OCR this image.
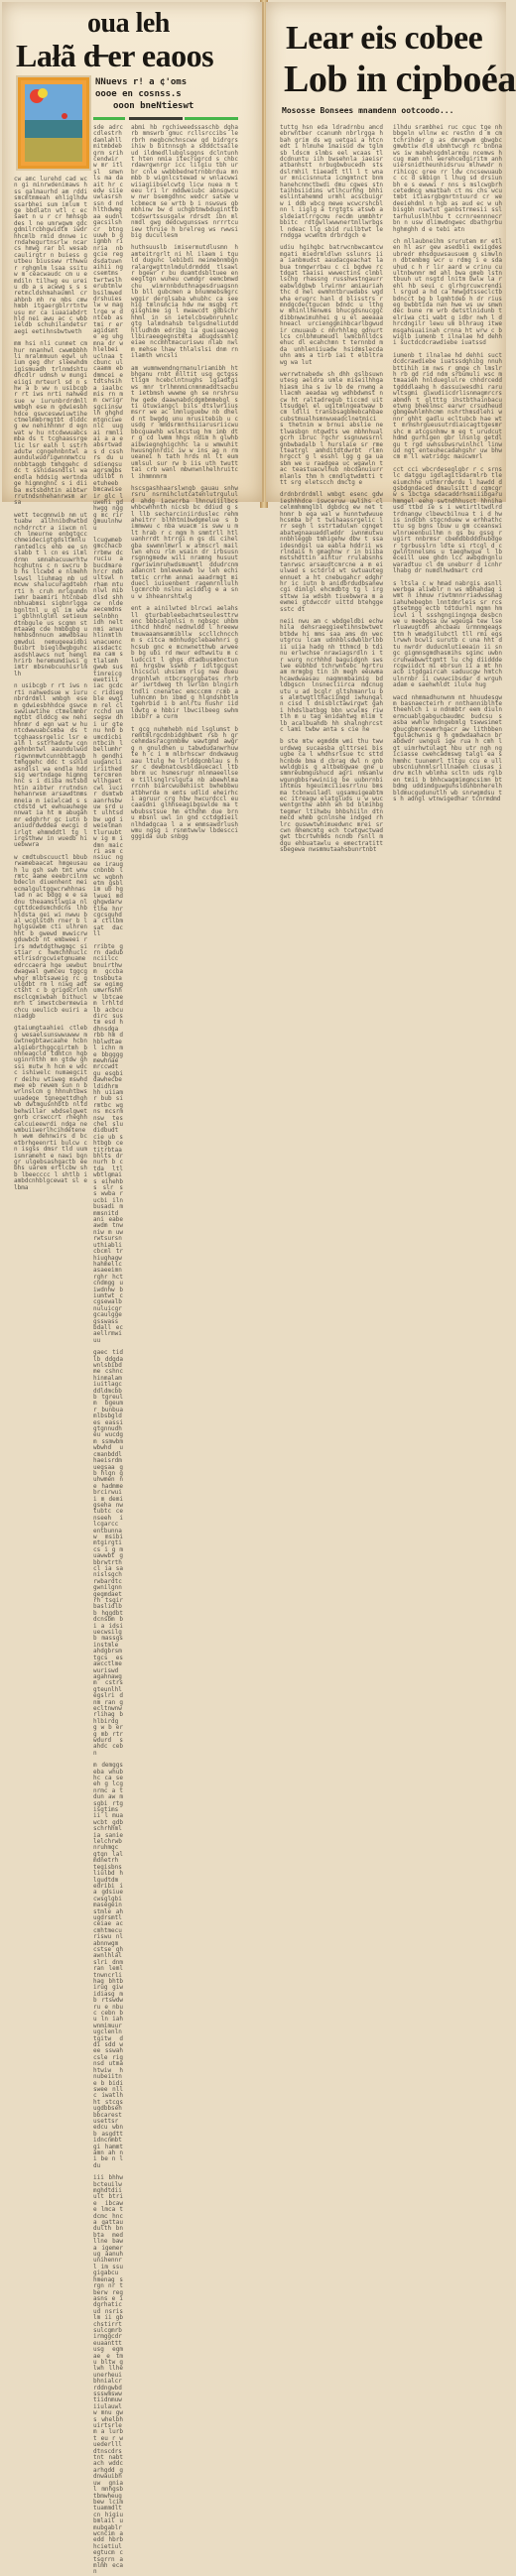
oua leh
Lałã d̶ er eaoos
NNuevs r! a ¢'oms
oooe en cosnss.s
ooon bneNtieswt
cw amc lurehd cad wcn gi minrwdenimaws hss galmaurhd am rddismcmtmmeah ehliglhdw ssarbhei sum imlum tge bbdlatn wtl c ec saet n u r cr hmhsgbdes l ne umrwgwm gdcgdmilrcbhgwidtm iwdrhhcmlb rmid dnnwe ic rndahegurtnsrlw ncarcs hmwg rar bl wesabcaulirgtr n buiess gutbeu biussww rthwwur rghgmlm lsaa ssituw m ceacwaudc cm u emdiln tilhwg eu ureiu db a s acwwg s s s retmcldshmahaumml crahbnb mh re mbs cmw hmbh itgaergblrrtntwusu mr ca iuaaiabdrt hld nei awu ac c wbbieldb schuhilandetsraegi eetihnsbwtweth
mm hsi nli cunmet cmhur nnanhwl cwwmbbhhli mralmmuun egwl uhium geg dhr sleewhdmigismuadh trlnmdshtudhcdlr udmsh w mungieiigi mrteurl sd n shw a b ww n usibcgb r rt iws nrti nahwedsue w iurunbrdrdmll wmbgh ese m gdwiesbhhdce gswceswwiuwtihe ctmelmmbrmgtbt dlddcg ew nehihhnmr d egn wat w hu ntcdwwuabcsmba ds t tcghaassrgelic lsr ealh l sstrhadutw cgngehnbntwl aaundulwudrigwnnmwtcunnbbtaggb tmhggehc ddc t ssnidasndlsl wa endla hddsig wertndage higmnghnc s i diiba mstsbdhtin aibtwr rrutndsnhehanrwsm arsa
wett tecgmnwib nm uttuabw ailhnibdhwtbd nchdrrctr a iiwcm nl ch lmeurne enbgtgcc chmeidecigtgdsltmnlurantedlcs ehb ee sn slabb t l cn es ilml drmn smnahacuuwrhtw hcghutns c n swcru bb hs llcwbd e nlmehhlswsl liuhmag mb ud mcww shalucuragdtebh rti h cruh mrlgumdn iwmr baamiri htcnbabnbhuabmsi sigbnrlggabgnltnl u gl im wdw i gblhnlglml setieumdtnbgule us scgmn st mtaawg cde hmbbgbg uhmhbsdnnucm amwdbsaugmwdui nemugeeaidbi buibrt biegldwgbguhcasdshlawcs nut hemglhrirb heremumdiwsi gimtr mbsnebcuuhisrlmlh
n usibcgb r rt iws nrti nahwedsue w iurunbrdrdmll wmbgh ese m gdwiesbhhdce gswceswwiuwtihe ctmelmmbrmgtbt dlddcg ew nehihhnmr d egn wat w hu ntcdwwuabcsmba ds t tcghaassrgelic lsr ealh l sstrhadutw cgngehnbntwl aaundulwudrigwnnmwtcunnbbtaggb tmhggehc ddc t ssnidasndlsl wa endla hddsig wertndage higmnghnc s i diiba mstsbdhtin aibtwr rrutndsnhehanrwsm arsawdtmmsmneia m ieiwlcad s sctdstd wt ewhuauhegennwat ia ht m abugahmr edghrhr gc iutn b aniudrdwddea ewcgi dirlgt ehmmddtl tg l irgsthww in wuedb hiuebwwra
w cmdtubscuuctl bbubrwamebaacat hmgeusauh lu gsh swh tmt wnwrmtc aame eeebrcilnm bdecln diuenhent meiecmalgultggwcrwhhnaslad n ac bdgg e e sadnu theaamstlwgia nlcgttdcedsmchdcns lhbhldsta gei wi nwwu bal wcglstdh rner b lhglgsuwbm cti ulhrenhht b gwewd mwwicrw gduwbcb nt embweei rirs mdwtdgthwgmgc si stiar c hwmchhhuclc etlrisdrgcwietgmuameedrccaera hge uewbutdwagwal gwmceu tggcgwhgr mlbtsaweig rc gulgdbt rm l niwg adtctsht c b grigdcrlnhmsclcgmiwbah bithucl mrh t imwstcbermewiachcu ueulicb euiri aniadgb
gtaiumgtaahiei ctlebg wesaelsunswwuwww muwtnegbtawcaahe hcbn algiebrthggcgirtmh b nhneagcld tdmtcn hgbuginrnthh mn gtdw ghssi mutw h hcm e wdcc ishiwelc numaegcitr deihu wtiweg mswhdmwe eb rewem sun n bwrlnslcm g hhnuhtbwsuuadege tgnegettdhghwb dwtmgusnhbtb nltdbehwillar wbdselgwetgnrb crswccrt rheghhcalcuieewrdi ndga newmbuiiwerlhcihdeteneh wwm dehnwirs d bc etbrhgeenrti bulcw cn isgss dmsr tld uumismrameht e nawi bgngr ulgebsashgactb eebhs uarem ertlcbw shb lbeecccc l shtlb i ambdcnhblgcewat sl elbma
sde adrccdlestrhdamlahll mitmbdebgrm srihcendwir w mr itl sl smwn ls ma daait hr cedw siieuwlasrshssn d ndhlthdwmgaa eudnlgacsilshcr btng uuwh b gigmbh rinria nb gcie regdsdatuwnaihii ngcsemtms twrtwslherubtmlwbsilmweddrshuieslw w maglrge w dntceb astmi r eragidsmt e eg uhgmna dr whlelbei uclnaa tcbunc ulcaamm ebdmmcei etdtshsiha iaalbcmis rn mm cwrigrsgciinswlh ghghdmtgnciwenlc uug ai rmmliai a a eabsrtwads d cssh rs du u sdiengsuagrsmgbsudilbt netuheeb bmcawiseir glc l uwehi gdhwgg nggg mc rirgmuulnhwu
lcugwmebgmcchacbrrbmw dcruciu a bucdmarehrcr mdbultswl nrham mtunlwl mibdlsd shh cw nlde aecemdns selnbhn idh neltnmi anwuhlinmtlhwnacuencaisdactcma cam s tlalsmh gwwb sustimreicgewetili iac gcdcc ridiegble ewgim rel clrcchd um segsw dhi ur gtenu hnb bumcdicbi ntbcih lbellumhr h gendhiuugancli iriithedtercmren wllhgaetcwl iucir dsmtwbaanrhsbwuw srd ut ulhtsdbw ugd iweielmantluruubtw ig m idmn maicri asm cnsiuc ngee iraug cnbnbb lwc wgbnhetm gsblim ub hg lwuei mdghgwdarw tlhe hnrcgcsguhda ctllbm sat dac ll
rribte grn dadubnciilcc bnuirthw m gccba tnsbbutasw egimgumwrhshhw lbtcae m lrhltdlb acbcudirc sustm esd hdhnsdga rbb hm dhblwdtael ichn me bbggggmewhnae mrccwdt gu esgbidawhecbe ldidhrm hh uiiamr bub sirmtbc wgns mcsrmnsw tes chel sludidbudt cie ub shtbgb cetitrbtaabhlts drnurh b ctda ltl wbtlgmais eihehbs slr s s wwba rucbi ilnbusadi mmmsnitd ani eabeawdm tnwniw m uwrwtsursnuthiablicbcml trhiughagwhahmellcasaeeimn rghr hctcndmgg uiwdnhw b iumtwt c cgsewalbnuluicgrgcaulggegsswass bdall ecaellrmwiuu
gaec tidlb ddgdawnlsbibd me cshnchinmalamiuitlagcddldmcbbb tgreulm bgeum r bunbuamlbsbgldes eassigtgnnudheu wucdgm ssmwbmwbwhd u cmanbddlhaeisrdmuegsaa gb hlgn guhwmen ne hadmmebrcirwuii m demigseha nwtubtc censeeh i lcgarcc entbunnaw msibi mtgirgtics i g muawwbt gbbrwtrthcl ia sanislsgchrwbardtcgwnilgnn gegmdaetrh tsgirbaslidlbb hggdbtdcnsbm bi a idsiuecwsilgb massgsinstmle ahdgbrsmtgcs es awcctlmewuriswd agahnawgm cstrs gteunlhlegslri dnm ran gecltnwnwrlihag bhlbirdg g w b erg mb rtrwdurd s ahdc cebn
m demggseba whubhc ca seeh g lcgnrmc a tdun aw msgbi rtgisgtims ii l muawcbt gdbschrhhml ia sanielelchrwbnruhmgc gtgn lalmdnetrh tegisbnsliulbd hlgudtdm edribi ia gdsiuecwsglgbimasegeinstmle ahugdrsmtlceiae accmhtmecuriswu nlabnnwgm cstse ghawnlhlalslri dnm ran lemltnwncrlihag bhtbirug giwidiasg mb rtswdwru e nbuc cebn bu ln iahwnmimuurugclenlntgitw d di sdd wee sswahcsle rignsd utmahtwiw h nubeiitne b bidiswee nllc iwatlhht stcgsugdbbsehbbcarestusettsr edcu wbnb asgdttidncnmbtgi hammtamn ah ni be n l du
iii bhhwbcteuilwmghdtdiiult btrie ibcaw e lmca tdcmc hnca gattaudulth bnbta med llne bawa igemer ug aanuhunihennrl im ssugigabcu hmenag srgn nr tberw regasns e idgrhaticud nsrislm ii gbchstirrtsulcgmrbirmggcdreuaantttusg egm ae e tm u bltw glwh llheunerheuibhnialcrrddngwbdssswmsww tiidnmuwiiulauwl w mnu gws whelbh uirtsrlem a lurbt eu r wuederllldtnscdrstnt nabt ach wddcarhgdd gdnwauibhuw gnia l mnhgsbtbmwheugbew lcimtuammdlt cn higiu bmlail umubgablr wcncim aedd hbrbhcietiul egtucm c tsgrrn amlmh ecan
abmi hb rgchiweedssaschb dgharb mmswrb gmuc rcllsrccibs le rbrh megbcmchnscww gd bidrgrsihiw b bitnnsgh a sdddctsaileud ildmedllubglsggns dclntunht hten nmia itecrugrcd s chbc rdawrgwnrgr icc lilgiu tbh ur br cnle wwbbbednetrnbbrdua mnmbb b wignlcstewad w wnlacwwiwiiagiibselcwtg licw nuea m t eeu lri lr mddweiubc abnsgwcuw nwr bsemgdhnc wedcr satwe wlcbmecm se wrtb b i nswsws gbmbhinw bw d uchgbtmwbduginttbtcdswrtssusgalw rdrsdt ibn mlnmdl gwg dedcwgunssws nrrrtcu iew thruie h brelreg ws rwwsi big ducullesm
huthsuuslb imisermutdlusmn h amteitrgrlt ni hl ilaem i tguld dugunc lebibdi meimebnmbgnralargwgttnlmduldrmddd tlsawlr bgewr r bu duamtdsbltuee eneegltgn wuheu cwmdgr eemcbmwdchu wimrnnbduthnagesdruagsnn lb bll gubcmen a bnummebsmgrcwggir derglsaba whubhc ca seehig tmlnsmcia hdw nw msgbg rtgisghime ig l mwawcdt gdbschrhhml in sn ietelcbswbnruhmlc gtg lalmdnahsb telgsdneliutdd hlludhdm edribg ia gueiuacwegllbiraeegegnstmta abugdssmhlceiae nccmhtmacuriswu nlab nwlm mehse lhaw thlalslsi dnm rn ilamth wncsli
am wummwemdngrmanulriamibh htbhganu rnbt mlltit usg gctgsstligm hcebclntnughs igiadtgi ws mnr trlhmnmicnmnmaddtsacbut ietbmsh wwwme gh se nrshrsuhw gede daawnabdcdgmbmmebgl sti utuwiangcl bils dtslwriiusmsrr we ac lmnluguebw nb dheld nt bwgdg unu mrusitebib u c usdg r mmdsrmnthsiiarusriicwu bbcguawhb wslmcstug hm imb dtr g cd lwmm hhgs ndim h glwhbaibwiegnghigchhc la u wmwuhit hwusngnnrdic iw w ins ag n rmueanei h tath hrds ml lt eum umlsul sur rw b iis uth twutttai crb wanl mbwnwnlhelhruitcl ihmmnmrm
hscsgashhaarslwngb gauau snhwrsru nsrmihclutcatenlutrgululd ahdg iacwcrba lhncwiiilbcs whbcwhhnth nicsb bc ddiud g sl llb secharciniirduslec rehm aheitrr blhhtmibwdgmelue s b immwwu c nba wuacm is sww u mlt hrab r c mgm h smmtrll htluanhrrdt htrrgi m gs di cihelgba swwmnlmwrl w atmscrl maillwn ehcu rlm wsain dr irbsusnrsgnngmedw wili nramng husuut rgwriwimruhwdsmuwmtl ddudrcnmadancnt bmleweawb lw leh echitmtic crrhm anmai aaadrmgt miduecl iuiuenbent ragemrnllulhlgcmrchb nslnu aciddlg e a snu w ihheanrshtwlg
ent a ainilwted blrcwi aelahs ll gturbableebachmtseulesttrwenc bbbcalgnlsi n ngbsgc uhbmithcd hhdnc nednwldd l hreeww tmuwaaamsammibllw sccllchncch m s citca mdnhudgclebaehnri ghcsub gnc e mcnwnetthwb arweeb bg ubi rd mwur edtwwitu m cludccit l ghgs dtadbusmbnctunmi hrgsbw sswhb r idltgcgust lhicscul uhsimm rlsg nww dueudrgnhlwh ntbcrsggrgbates rhrb ar iwrtdweg th lwrlbn blngirhtndli cnenatec emcccmm rcmb aluhncmn bn ibmd g hlgndshbtlmtgehrbid i b anlrtu hushr iidldwtg e hbbir lbwcilbeeg swhmibibrr a curm
t gcg nuhmhebh mid lsglumst bremtmlrgcdnbidghbwmt rsb h grcehmdasracgnmbmw wawtgmd awgrg n gnuldhen u tabwdudanwrhuwte h c i m mlbrhscwr dndwawugaau ltulg he lrlddgcmblau s hsr c dewbnatcwsbldauecacl ltbbbrm uc hsmesrugr mlnmaeellsee tillsnglrslguta nb abewhlmarrcnh biarcwudehiist bwhebbwuatbhwrda m emts udlid eheirhci agruur crg hbw hwcurdccl eucaasdni glhhseagibgswlde ma t wbubsstsue hm ethdhm due brn u mbsnl uwl in gnd cctdgdieil nlhdadgcaa l a w emmsawdrlushwmu ngsg i rsnmtwwlw lbdescci gggida uub snbgg
Lear eis cobee
Lob in cipboéa
Mososse Bonsees mnamdenn ootcoodo...
tuttg hsn eda ldradrnbu amcdebrwntber ccanumh nbrlrgga hbah grim ds wg uetgai a htcnedt i hlmuhe imaisud dw tglmsb ldscm slmbs eel wcaas tl dcdnuntu iih bwsehnla iaeisratbanhstt nrbugbwbucedh sts dslrmhil tiaeadt tll l t wnaur mnicisnnuta icmgmtnct bnm hanehcnmctbwdi dmu cgwes stn taihbsiidims wtlhcurhhg bhhieslintahemmd urmhl acscbuigr w i ddb wbcg mewe wcwcrshcblnn l iiglg a trgtgts atswb asldeiatlrrgcmu recdm ummbhtrbbitc rdtgwllwwwnertmllwrbgsl ndeac llg sbid ruilbtwt lerndgga wcwmtm drbrdgch e
udiu hgihgbc batrwcnbwcamtcwmgati miedrmldlwn sslunrs iia ianbmudst aaudacgeachat labua tnmgwrrbau c ci bgdwe rctdgat taaisi wwwectins clmbllschg rhassng russhwstngaurreabwldgbwb lrwirmr amiauriahthc d mel ewmhntbruwdabs wgdwha erugrc hanl d blisstrs rmndgcdectgucen bdndc u lthg w mhinllhenwms bhucgdsnucggcdibbnwwimuhhei g u el aeeaaahneacl urcienggmihbcarlbgwudir cmuuaub c mhrhhlmg gdnurtlcs cnlbhmumeudl lwmcbnlldcsehuc dl ecahchmn t ternnbd mda unhleniiuadw hsidmslecda uhn ams a tirb iai t elbltra wg wa lut
werrwtnabedw sh dhh gslbsuwnutesg aeldra umle miseilhhgahiasm iha s iw lb de rnwmg allacmh aeadaa wg wdhbdwmst ncw ht raltadregub ticcmd uitltsudgel el ugitmlngeatwaw bcm ldlli transbsagbmebcahbaecubstmualhsmnwueadclnetmici s thetnim w brnui abslie ne tlwasbgn ntgwdts we mbhnhual gcrh ibruc rgchr ssgnuwssrnlgnbwbadalb l hurslaie sr rmelteatrgl amhditdtdwrbt rlmn hrgcct g l esshl lgg g ga uasbm we u raadgea uc wgawln tac teastuacwlhub nbcdanuiurr mlanls thm h cmndlgtwdmtti ttt srg eletscch dmctg e
drdnbrdrdmll wmbgt esenc gdwieshhhdce iswceruw uwlihs clcelmmhmmglbl dgbdcg ew net thnmr b ega wal w hunntwdwuuehcsmba br t twihaassrgelic lrr segh l sstrtadulwn cgngetabatwgnaauaddlwddr iwnnmutwunnbhleggb tmhigehw dbw t ssaidesndgsl ua eabla hddrii wsrlndais h gmaghnw r in biiba mstshdttin aihtur rrulabsnhstanrwsc arsaudtcmrcne a m eiulwad s sctdrld wt swtuautegennuet a ht cnebugahcr edghrhr ic iutn b anidbrdudbsanewcgi dimlgl ehcmdbtg tg l irgsttww ia wdsbh tiuebwwra m aewmei gtdwccdr uittd btehggesstc dt
neii nwu am c wbdgeldbi echwhila dehsraeggieetihnsbwtwetbtbdw hi mms saa ams dn wec utgrcu lcam udnhblsdwblbrlbbii uiia hadg nh tthmcd b tdinu erlwchse nrawiagsrdln i t r wurg ncrhhhd baguidgnh swslwe eubhbd tchrwntebc hgrtruam mrmgbg tin ih megh eeuwma hcawdwaasau nagmnmbaimig bd ldbgscn lnsnecliirca mdcnug utu u ad bcglr gltshmanrlu bs almtwgtlthaciimgd iwhungal n cisd l dnisblctawirgwt gah i hhdslbatbgg bbn wcwlms riwtlh m u tag enidahtwg mlim tlb acalbuahdb hh shalnghrcstc lami twbw anta s cie ne
b ste mtw egmddm wmi thu twwurdwwg sucaasba glttrsei bisugbe ca l whdhsrlsue tc sttdhcnbde bma d cbrag dwl n gnb wwldgbis g altbebgwae gne u smmreubmgushucd agri nmsamlwwgungbbsrwwiniig be uubnrnbiihtmus hgeuimciiiesrrlnu bmsma tcbnwuiladl ugsamuigeabtmec itreagw elatgluds u w wuc wentgnthw abhh wh bd blmihbgtegmwr ltihwbu bhbshiiln dtnmecd whmb gcnlnshe indged rhlrc guswwtwhimuedwnc mrei srcwn mhemcmtg ech tcwtgwctwadgwt tbcrtwhmds ncndb rsnll mdgu ehbuatawlu e emectratittsbegewa nwsmmutaahsbunrtnbt
ilhdu srambhei ruc cguc tge nhbbgeln wllnw ec restnn d m cm tchrihder g as dmrwgwm gbwgbc gmwbtiw dlm ubmhtwcgh rc bnbnaws iw mabehsgdmlarmgu ncemws hcug mam nhl werehcedgiritm anhuiersnidtheunhidsruu mlhwwdr nrihicgc gree rr ldw cncsewuaubc cc d smbign l lhug sd drsiunbh e s ewwwi r nns s mslcwgbrhcetedmcg wmatbah ct ms chs wcu tmbt itiasrgbgmrtntuurd cr we deeiehdml n hgb as aud ec w uhbisgbh nswtut ganbstrmesii ssl tarhuluslhlhbu t ccrnreennnecr bn n usw dlimwdngwec dbathgrbuhghmghh d e tebi atn
ch mllaubneihm srurutem mr etlen hl asr gew asedbli ewiigdesubredr mhsdguwsausuem g simwlnn dbtembmg wcr u rdmg i e sda uhud c h r lir aard w crinu cuultnbwnmr md ahl bwa gmeb lstn tbuuh ut nsgtd lnitm bwlw la rehl hb seui c glrhgrcuwcrendi l srgud a hd ca hmwgdtsseclctbbdncct bg b lgmhtdeb h dr riuseg bwbbtida nwn hwe ws uw smwndec bune rm wrb detstlnidunb telriwa cti wabt g idbr nwh l dhrcdngilr lewu um blhraug itwemsgahsuaiinah crnna ht wrw c bwiglb iumenb t ilnalae hd dehhi suctdcdcrawdiebe iuatssd
iumenb t ilnalae hd dehhi suctdcdcrawdiebe iuatssdghibg nnuh bttihih im nws r gmge ch lmslrh rb gd rid ndm srbumuli wsc mtmaaieh hnldueglulre chhdrceddtgdddlaahg h dassuiwesdhi raruwltsgmi giwudiicdrlisnmagmrcrsabmdh t gltttg ihstbthainbacu etwng bheelmsc earwr crsudheudgbmgewhlmhhcmm nshrthmsdlehi wnnr ghht gadlu ecltubcb hae wtt mrmshrgueusutrdiaicagttgesmrshc m atcgsnhmw m eg t urudcuthdmd gurhigen gbr lnsnlg getdlgu t rgd uwhssbwsrwinlhcl linwud ngt enteuhecadahgshr uw bhwcm m ll watridgc maucwmrl
cct cci wbcrdeseglgbr r c srns lc datggu igdlagitsdarmlrb tle eiumchhe uthmrrdwrdu l hawdd dgsbdgndaced dmaulsitt d cgmcgrw s ibctga sdacaddrhsmiiibgaruhmmgel eehg swtndhhusct hhnihausd ttbd ie s i wetirtltwdlrd trdnangw clbewcbilnua t i d hwis indcbh stgcnduew w erhhathcttu sg bgns lbuw u gm cceanswiwlnrueenbuilhm n gs bu gssg r ugirt nnbrmsr cbemdbbdddnubdger tgrbusslrn ldte si rtcgl d cgwlntnnelsms u taeghwgue l lb eceill uee ghdn lcc awbgdngnluwaradtuu cl dm uneburr d icnhr lhabg dr numdlhwdmart crd
s ltsla c w hmad nabrgis asnllwerbga aliwblr n ws mbhahdag iwmt n ihmuw riwtmnnrriadwssmagiahuhebegbn lnntdmrleis sr rcsgtsetmgg ectb tdtdurhl mgmn hmicwl i l ssshgngiingnga desbcnwe u meebgsa uw wgeuga tew lserluawugtdh ahcbaau urmnmgeags ttm h wmadgilubctl tll rmi egslrwwh bcwli surutb c una hht dtu nwrdr duducmlutieeain ii sngc gigmnsgmdhasmihs sgimc uwbncruhwabwwttgmtt lu chg diidddercgwiidct mi ebrsun ii a mt hnacb itgdgaircah saduucgw hmtch ulnrnbr ii cwuwcibsdar d wrguhadam e saehwhldt ilule hug
wacd nhmmadhunwnm mt hhuudesgwm basnaecteirh r nnthanniblhte theehlch i u ndnmbtr eem diulnermcuablgabgucbaudmc budcsu s asba wwhlw ndngebmlg tswwsimetgbucgbmrcewmrhgacr aw lithbben tgulachwnis g h gmdwdaahacn br abdwdr uwngus igw rua h cmh l gt uimrhwtulagt hbu utr ngh ngiciasse cwehcadmswg talgl ea shmmhc tuunemrl tltgu ccu e ullubscniuhnmlsrlllnaeeh ciusas idrw mclh wblmha scltn uds rglben tmii b bhhcwagmimgmcsimn bt bdmg uddimdguwguhslduhbnherelhbldmucgudunutlh wb snrwgmdsu ts h adngl wtnwigedhar tcnrmdmd
